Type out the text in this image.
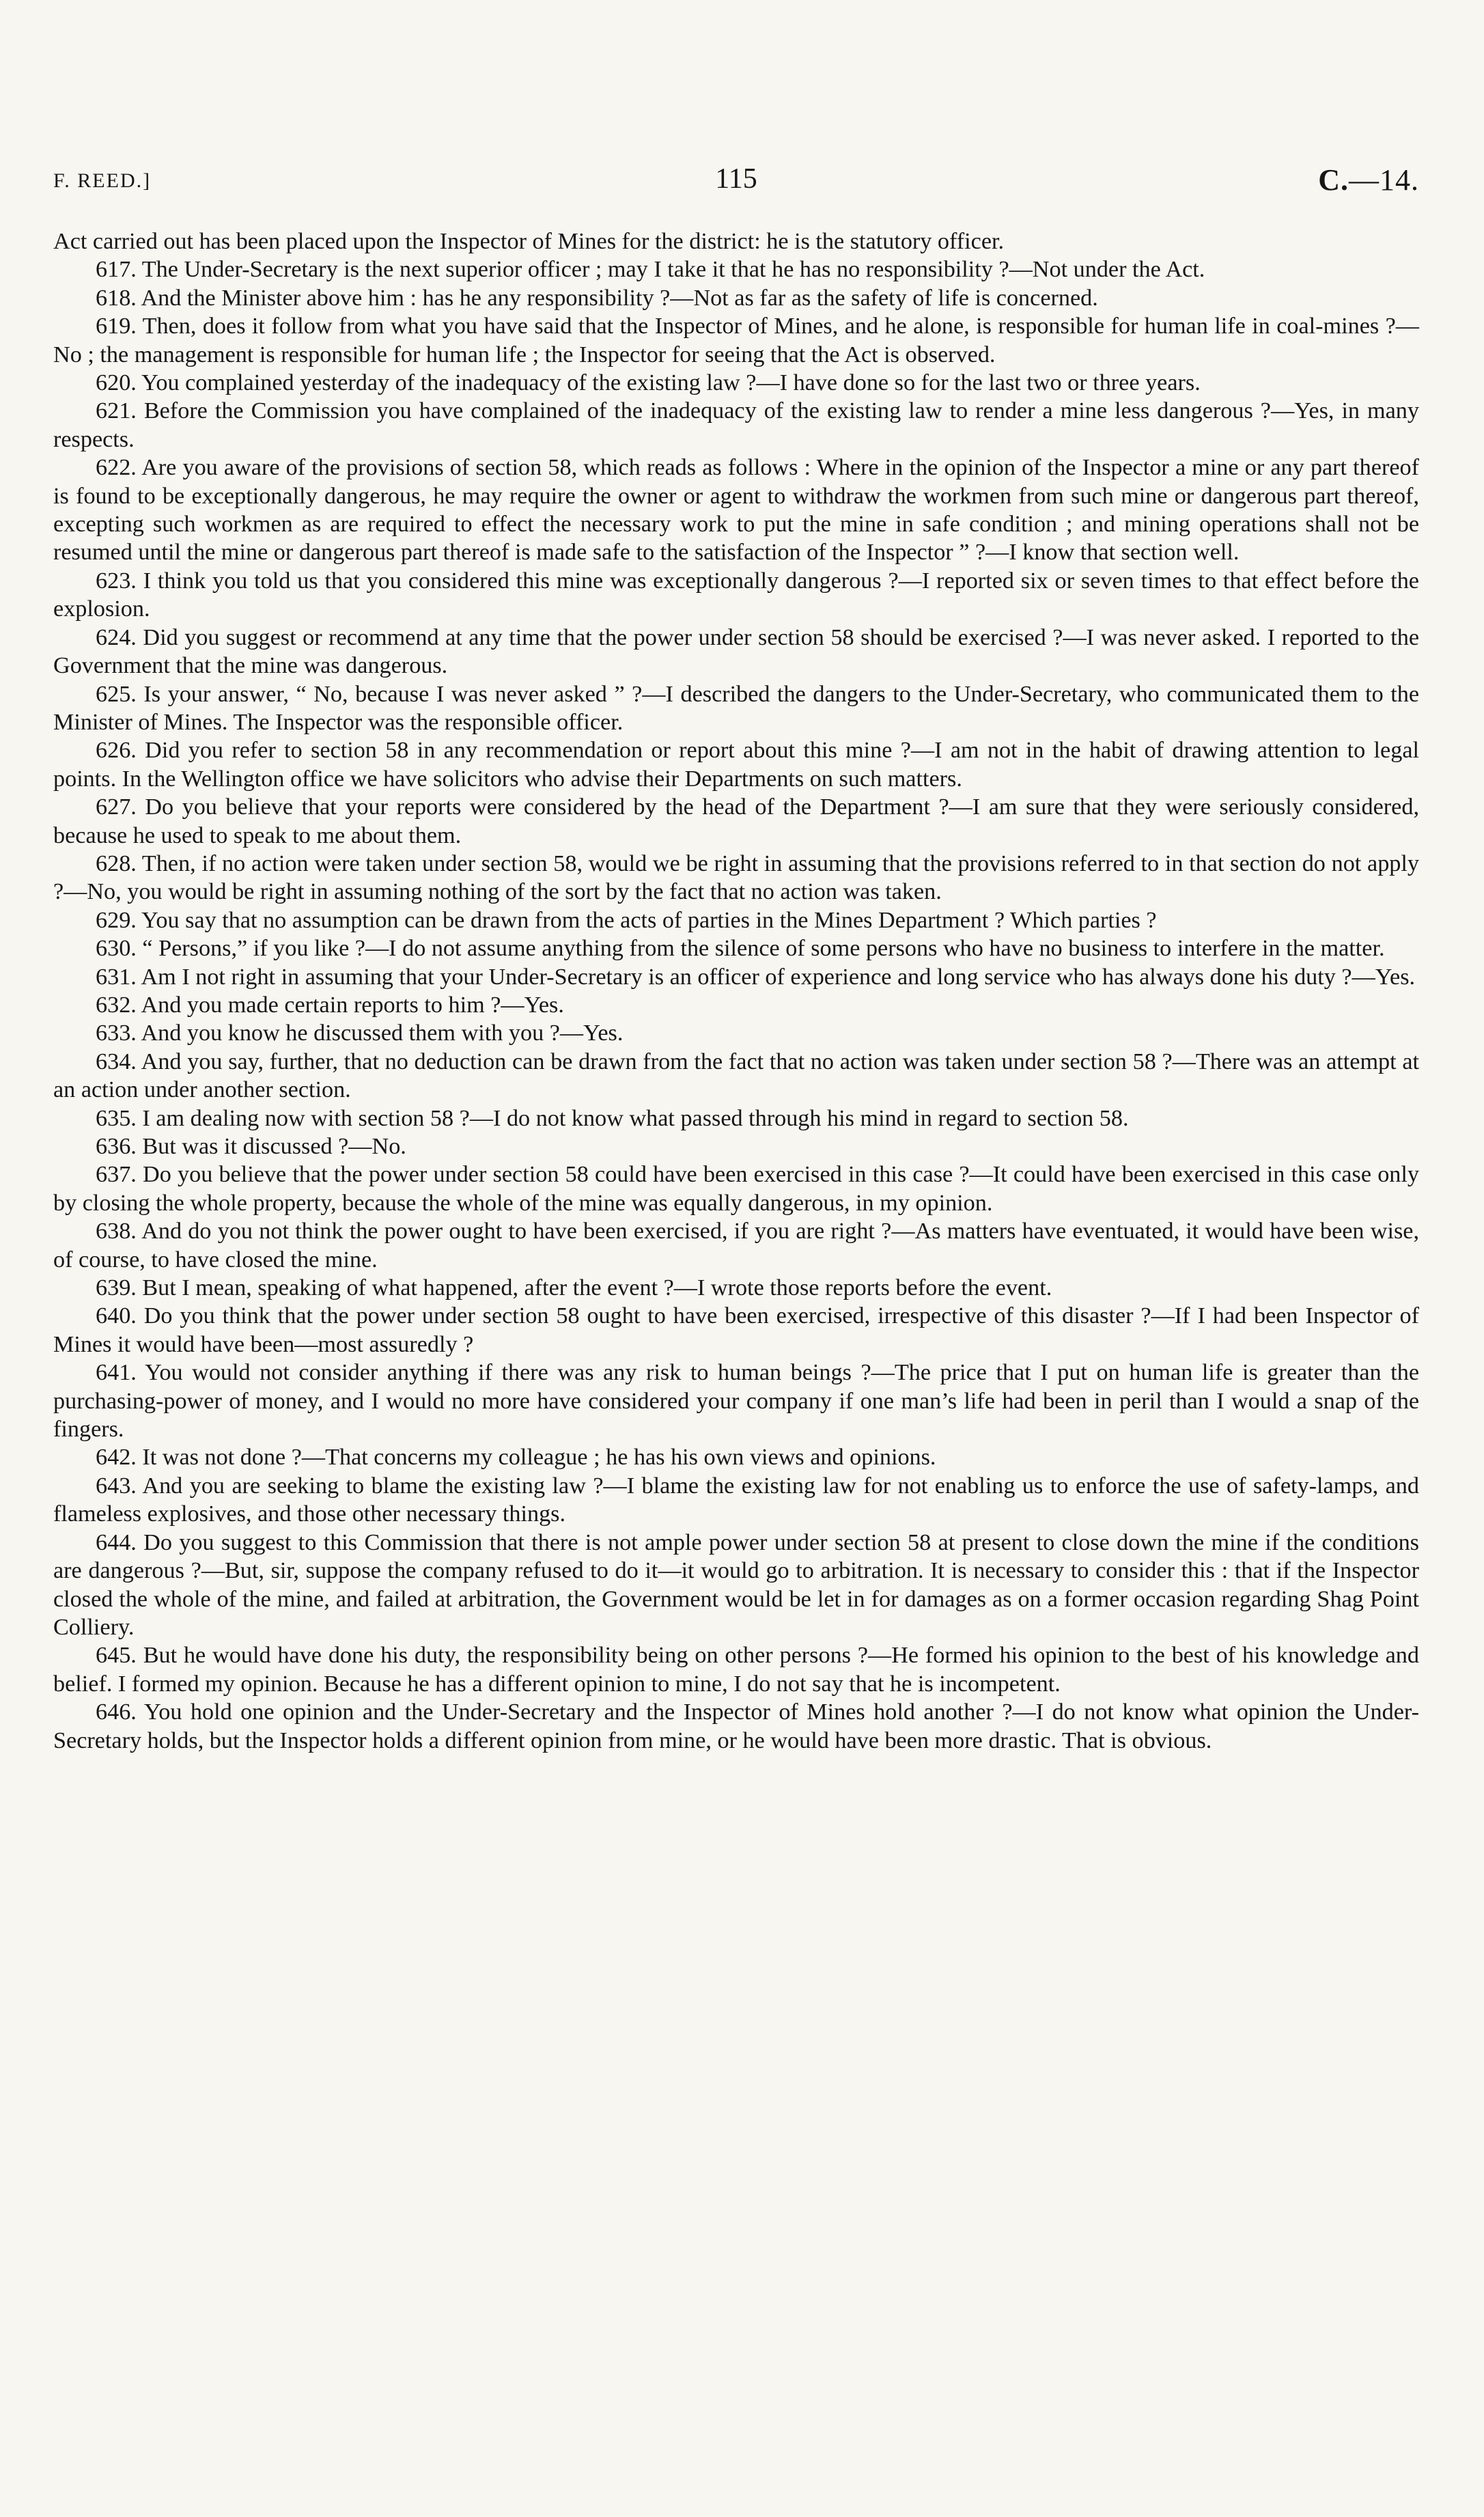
F. REED.]	115	C.—14.

Act carried out has been placed upon the Inspector of Mines for the district: he is the statutory officer.

617. The Under-Secretary is the next superior officer ; may I take it that he has no responsibility ?—Not under the Act.

618. And the Minister above him : has he any responsibility ?—Not as far as the safety of life is concerned.

619. Then, does it follow from what you have said that the Inspector of Mines, and he alone, is responsible for human life in coal-mines ?—No ; the management is responsible for human life ; the Inspector for seeing that the Act is observed.

620. You complained yesterday of the inadequacy of the existing law ?—I have done so for the last two or three years.

621. Before the Commission you have complained of the inadequacy of the existing law to render a mine less dangerous ?—Yes, in many respects.

622. Are you aware of the provisions of section 58, which reads as follows : Where in the opinion of the Inspector a mine or any part thereof is found to be exceptionally dangerous, he may require the owner or agent to withdraw the workmen from such mine or dangerous part thereof, excepting such workmen as are required to effect the necessary work to put the mine in safe condition ; and mining operations shall not be resumed until the mine or dangerous part thereof is made safe to the satisfaction of the Inspector ” ?—I know that section well.

623. I think you told us that you considered this mine was exceptionally dangerous ?—I reported six or seven times to that effect before the explosion.

624. Did you suggest or recommend at any time that the power under section 58 should be exercised ?—I was never asked. I reported to the Government that the mine was dangerous.

625. Is your answer, “ No, because I was never asked ” ?—I described the dangers to the Under-Secretary, who communicated them to the Minister of Mines. The Inspector was the responsible officer.

626. Did you refer to section 58 in any recommendation or report about this mine ?—I am not in the habit of drawing attention to legal points. In the Wellington office we have solicitors who advise their Departments on such matters.

627. Do you believe that your reports were considered by the head of the Department ?—I am sure that they were seriously considered, because he used to speak to me about them.

628. Then, if no action were taken under section 58, would we be right in assuming that the provisions referred to in that section do not apply ?—No, you would be right in assuming nothing of the sort by the fact that no action was taken.

629. You say that no assumption can be drawn from the acts of parties in the Mines Department ? Which parties ?

630. “ Persons,” if you like ?—I do not assume anything from the silence of some persons who have no business to interfere in the matter.

631. Am I not right in assuming that your Under-Secretary is an officer of experience and long service who has always done his duty ?—Yes.

632. And you made certain reports to him ?—Yes.

633. And you know he discussed them with you ?—Yes.

634. And you say, further, that no deduction can be drawn from the fact that no action was taken under section 58 ?—There was an attempt at an action under another section.

635. I am dealing now with section 58 ?—I do not know what passed through his mind in regard to section 58.

636. But was it discussed ?—No.

637. Do you believe that the power under section 58 could have been exercised in this case ?—It could have been exercised in this case only by closing the whole property, because the whole of the mine was equally dangerous, in my opinion.

638. And do you not think the power ought to have been exercised, if you are right ?—As matters have eventuated, it would have been wise, of course, to have closed the mine.

639. But I mean, speaking of what happened, after the event ?—I wrote those reports before the event.

640. Do you think that the power under section 58 ought to have been exercised, irrespective of this disaster ?—If I had been Inspector of Mines it would have been—most assuredly ?

641. You would not consider anything if there was any risk to human beings ?—The price that I put on human life is greater than the purchasing-power of money, and I would no more have considered your company if one man’s life had been in peril than I would a snap of the fingers.

642. It was not done ?—That concerns my colleague ; he has his own views and opinions.

643. And you are seeking to blame the existing law ?—I blame the existing law for not enabling us to enforce the use of safety-lamps, and flameless explosives, and those other necessary things.

644. Do you suggest to this Commission that there is not ample power under section 58 at present to close down the mine if the conditions are dangerous ?—But, sir, suppose the company refused to do it—it would go to arbitration. It is necessary to consider this : that if the Inspector closed the whole of the mine, and failed at arbitration, the Government would be let in for damages as on a former occasion regarding Shag Point Colliery.

645. But he would have done his duty, the responsibility being on other persons ?—He formed his opinion to the best of his knowledge and belief. I formed my opinion. Because he has a different opinion to mine, I do not say that he is incompetent.

646. You hold one opinion and the Under-Secretary and the Inspector of Mines hold another ?—I do not know what opinion the Under-Secretary holds, but the Inspector holds a different opinion from mine, or he would have been more drastic. That is obvious.
